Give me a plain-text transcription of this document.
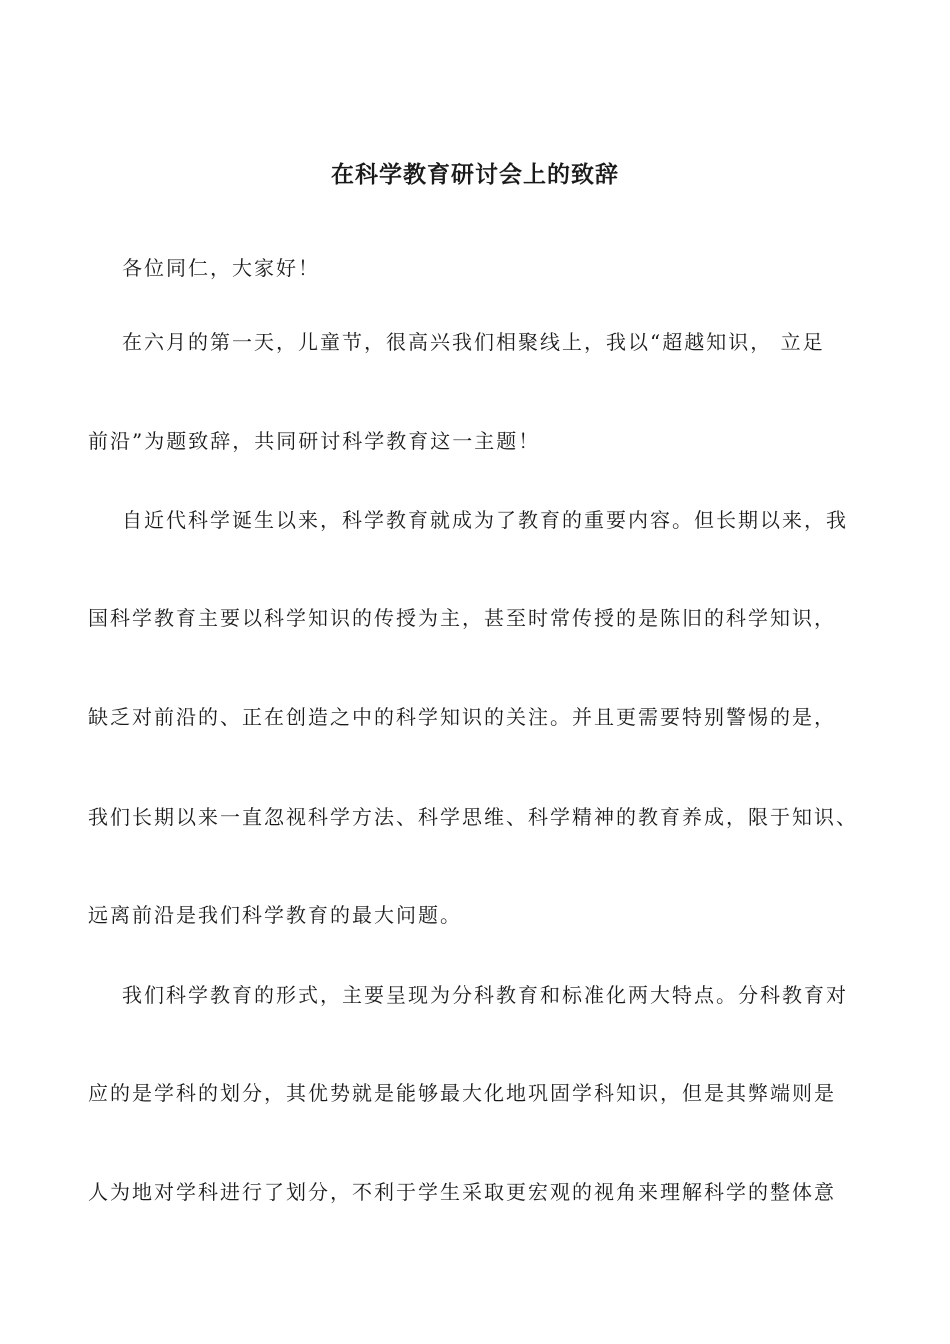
在科学教育研讨会上的致辞
各位同仁，大家好！
在六月的第一天，儿童节，很高兴我们相聚线上，我以“超越知识， 立足
前沿”为题致辞，共同研讨科学教育这一主题！
自近代科学诞生以来，科学教育就成为了教育的重要内容。但长期以来，我
国科学教育主要以科学知识的传授为主，甚至时常传授的是陈旧的科学知识，
缺乏对前沿的、正在创造之中的科学知识的关注。并且更需要特别警惕的是，
我们长期以来一直忽视科学方法、科学思维、科学精神的教育养成，限于知识、
远离前沿是我们科学教育的最大问题。
我们科学教育的形式，主要呈现为分科教育和标准化两大特点。分科教育对
应的是学科的划分，其优势就是能够最大化地巩固学科知识，但是其弊端则是
人为地对学科进行了划分，不利于学生采取更宏观的视角来理解科学的整体意
